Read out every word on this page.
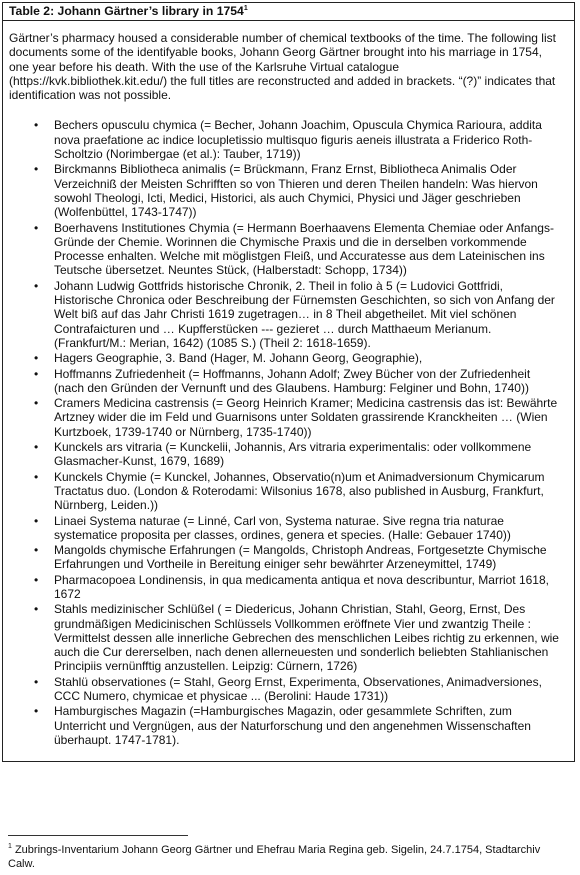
Table 2: Johann Gärtner’s library in 1754$^1$

Gärtner’s pharmacy housed a considerable number of chemical textbooks of the time. The following list documents some of the identifyable books, Johann Georg Gärtner brought into his marriage in 1754, one year before his death. With the use of the Karlsruhe Virtual catalogue (https://kvk.bibliothek.kit.edu/) the full titles are reconstructed and added in brackets. “(?)” indicates that identification was not possible.

• Bechers opusculu chymica (= Becher, Johann Joachim, Opuscula Chymica Rarioura, addita nova praefatione ac indice locupletissio multisquo figuris aeneis illustrata a Friderico Roth-Scholtzio (Norimbergae (et al.): Tauber, 1719))
• Birckmanns Bibliotheca animalis (= Brückmann, Franz Ernst, Bibliotheca Animalis Oder Verzeichniß der Meisten Schrifften so von Thieren und deren Theilen handeln: Was hiervon sowohl Theologi, Icti, Medici, Historici, als auch Chymici, Physici und Jäger geschrieben (Wolfenbüttel, 1743-1747))
• Boerhavens Institutiones Chymia (= Hermann Boerhaavens Elementa Chemiae oder Anfangs-Gründe der Chemie. Worinnen die Chymische Praxis und die in derselben vorkommende Processe enhalten. Welche mit möglistgen Fleiß, und Accuratesse aus dem Lateinischen ins Teutsche übersetzet. Neuntes Stück, (Halberstadt: Schopp, 1734))
• Johann Ludwig Gottfrids historische Chronik, 2. Theil in folio à 5 (= Ludovici Gottfridi, Historische Chronica oder Beschreibung der Fürnemsten Geschichten, so sich von Anfang der Welt biß auf das Jahr Christi 1619 zugetragen… in 8 Theil abgetheilet. Mit viel schönen Contrafaicturen und … Kupfferstücken --- gezieret … durch Matthaeum Merianum. (Frankfurt/M.: Merian, 1642) (1085 S.) (Theil 2: 1618-1659).
• Hagers Geographie, 3. Band (Hager, M. Johann Georg, Geographie),
• Hoffmanns Zufriedenheit (= Hoffmanns, Johann Adolf; Zwey Bücher von der Zufriedenheit (nach den Gründen der Vernunft und des Glaubens. Hamburg: Felginer und Bohn, 1740))
• Cramers Medicina castrensis (= Georg Heinrich Kramer; Medicina castrensis das ist: Bewährte Artzney wider die im Feld und Guarnisons unter Soldaten grassirende Kranckheiten … (Wien Kurtzboek, 1739-1740 or Nürnberg, 1735-1740))
• Kunckels ars vitraria (= Kunckelii, Johannis, Ars vitraria experimentalis: oder vollkommene Glasmacher-Kunst, 1679, 1689)
• Kunckels Chymie (= Kunckel, Johannes, Observatio(n)um et Animadversionum Chymicarum Tractatus duo. (London & Roterodami: Wilsonius 1678, also published in Ausburg, Frankfurt, Nürnberg, Leiden.))
• Linaei Systema naturae (= Linné, Carl von, Systema naturae. Sive regna tria naturae systematice proposita per classes, ordines, genera et species. (Halle: Gebauer 1740))
• Mangolds chymische Erfahrungen (= Mangolds, Christoph Andreas, Fortgesetzte Chymische Erfahrungen und Vortheile in Bereitung einiger sehr bewährter Arzeneymittel, 1749)
• Pharmacopoea Londinensis, in qua medicamenta antiqua et nova describuntur, Marriot 1618, 1672
• Stahls medizinischer Schlüßel ( = Diedericus, Johann Christian, Stahl, Georg, Ernst, Des grundmäßigen Medicinischen Schlüssels Vollkommen eröffnete Vier und zwantzig Theile : Vermittelst dessen alle innerliche Gebrechen des menschlichen Leibes richtig zu erkennen, wie auch die Cur dererselben, nach denen allerneuesten und sonderlich beliebten Stahlianischen Principiis vernünfftig anzustellen. Leipzig: Cürnern, 1726)
• Stahlü observationes (= Stahl, Georg Ernst, Experimenta, Observationes, Animadversiones, CCC Numero, chymicae et physicae ... (Berolini: Haude 1731))
• Hamburgisches Magazin (=Hamburgisches Magazin, oder gesammlete Schriften, zum Unterricht und Vergnügen, aus der Naturforschung und den angenehmen Wissenschaften überhaupt. 1747-1781).
$^1$ Zubrings-Inventarium Johann Georg Gärtner und Ehefrau Maria Regina geb. Sigelin, 24.7.1754, Stadtarchiv Calw.
